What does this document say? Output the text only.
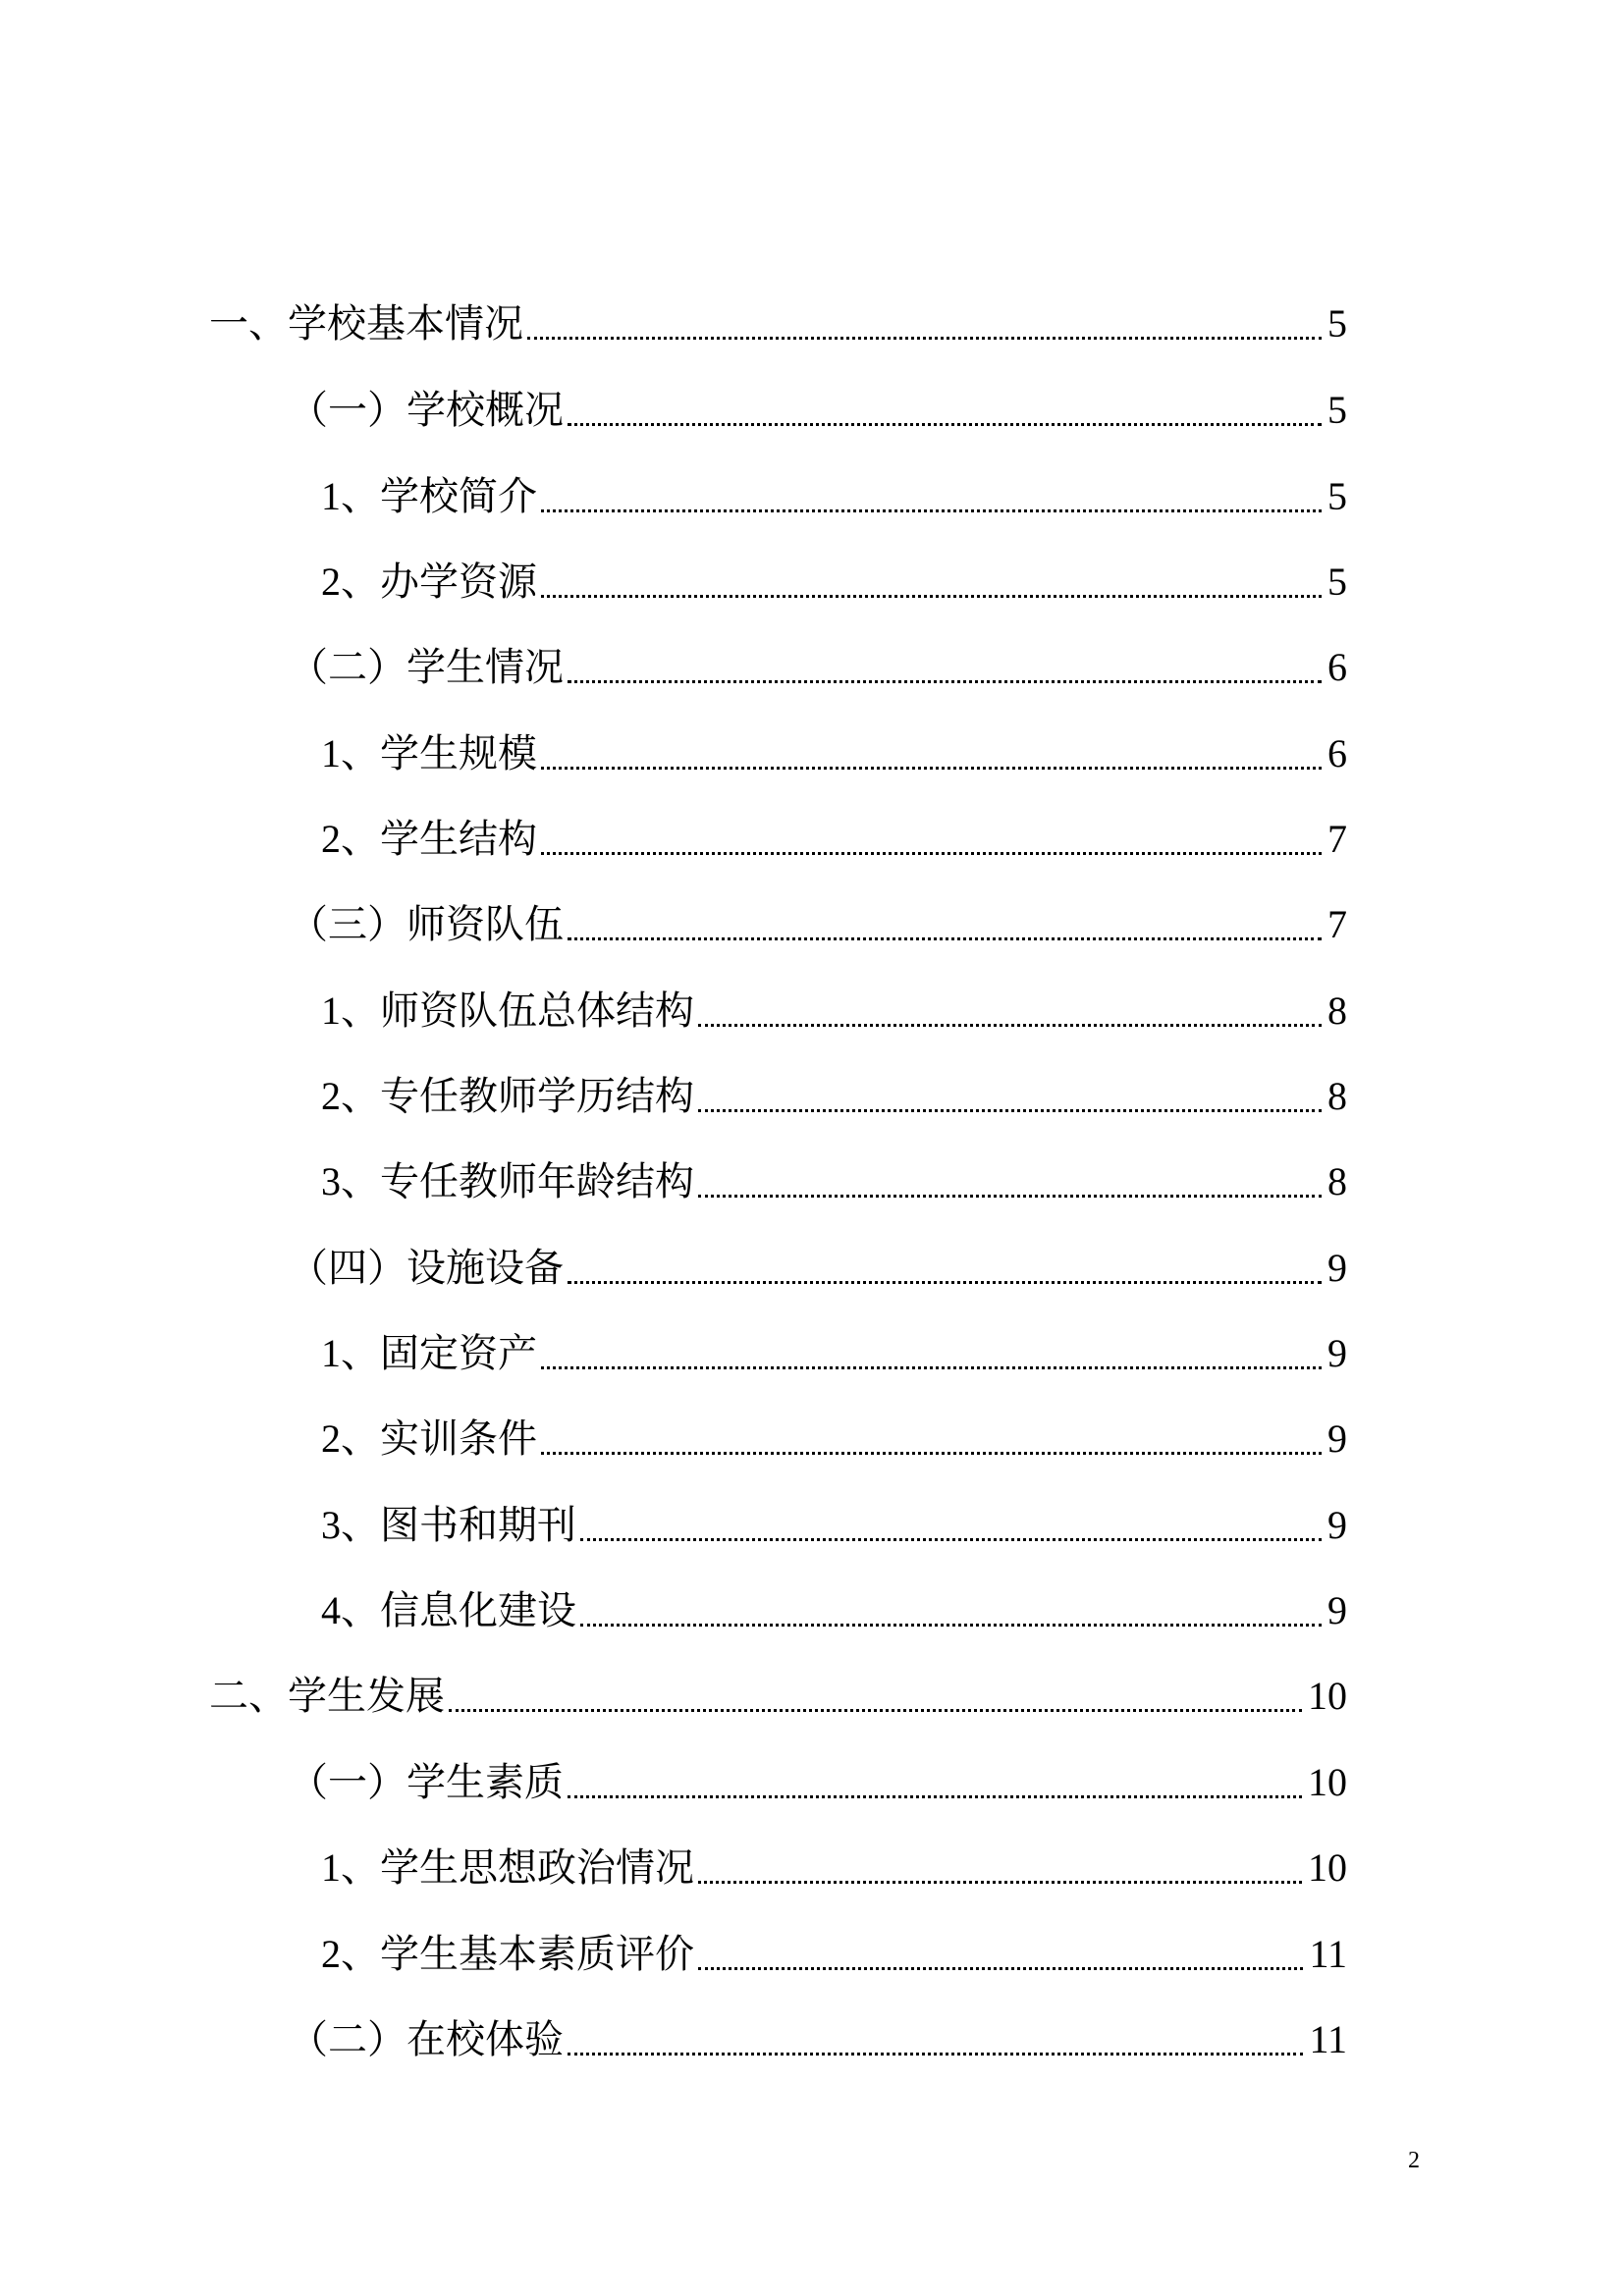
一、学校基本情况	5
（一）学校概况	5
1、 学校简介	5
2、 办学资源	5
（二）学生情况	6
1、 学生规模	6
2、 学生结构	7
（三）师资队伍	7
1、 师资队伍总体结构	8
2、 专任教师学历结构	8
3、 专任教师年龄结构	8
（四）设施设备	9
1、 固定资产	9
2、 实训条件	9
3、 图书和期刊	9
4、 信息化建设	9
二、学生发展	10
（一）学生素质	10
1、 学生思想政治情况	10
2、 学生基本素质评价	11
（二）在校体验	11
2
